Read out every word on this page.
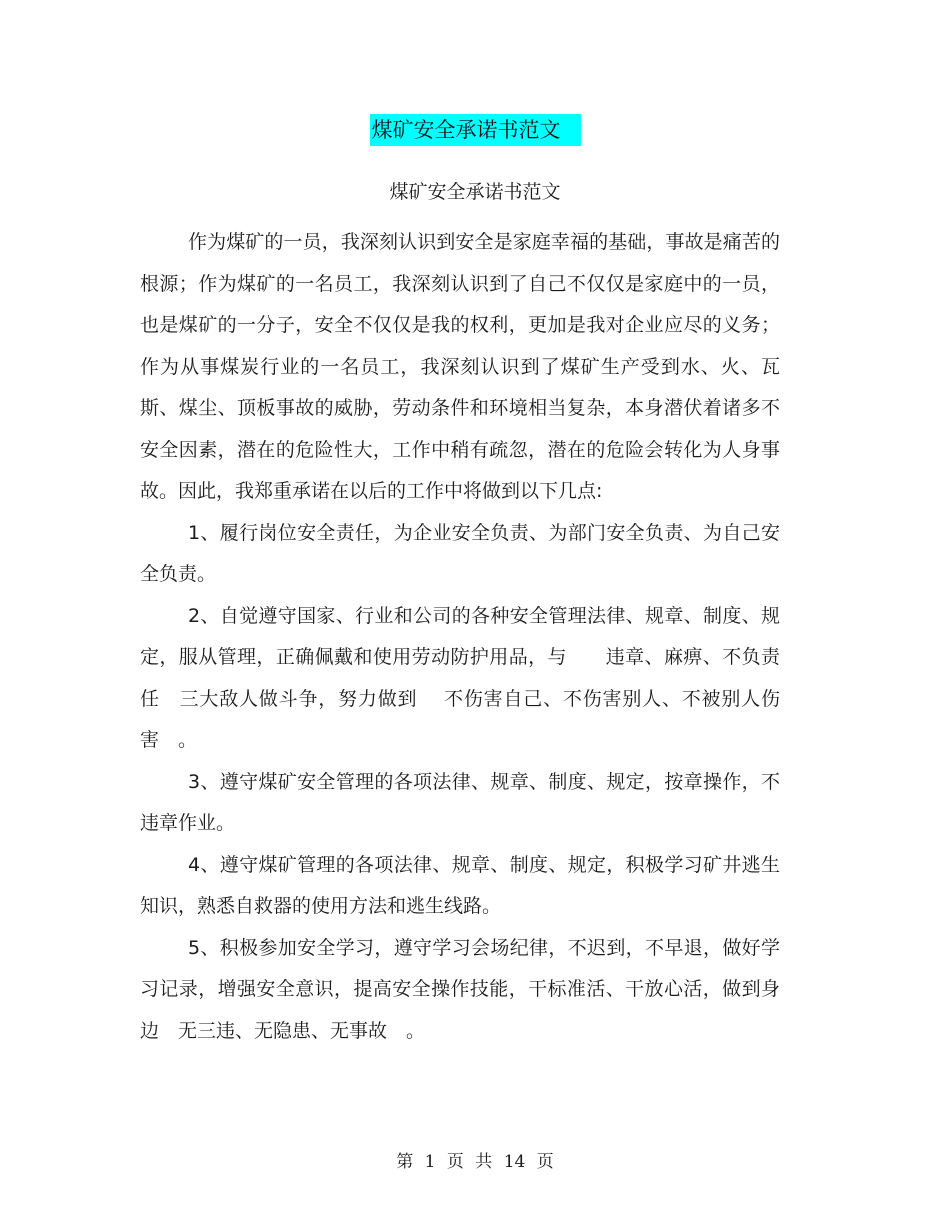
煤矿安全承诺书范文
煤矿安全承诺书范文

作为煤矿的一员，我深刻认识到安全是家庭幸福的基础，事故是痛苦的根源；作为煤矿的一名员工，我深刻认识到了自己不仅仅是家庭中的一员，也是煤矿的一分子，安全不仅仅是我的权利，更加是我对企业应尽的义务；作为从事煤炭行业的一名员工，我深刻认识到了煤矿生产受到水、火、瓦斯、煤尘、顶板事故的威胁，劳动条件和环境相当复杂，本身潜伏着诸多不安全因素，潜在的危险性大，工作中稍有疏忽，潜在的危险会转化为人身事故。因此，我郑重承诺在以后的工作中将做到以下几点:

1、履行岗位安全责任，为企业安全负责、为部门安全负责、为自己安全负责。

2、自觉遵守国家、行业和公司的各种安全管理法律、规章、制度、规定，服从管理，正确佩戴和使用劳动防护用品，与　　违章、麻痹、不负责任　三大敌人做斗争，努力做到　 不伤害自己、不伤害别人、不被别人伤害　。

3、遵守煤矿安全管理的各项法律、规章、制度、规定，按章操作，不违章作业。

4、遵守煤矿管理的各项法律、规章、制度、规定，积极学习矿井逃生知识，熟悉自救器的使用方法和逃生线路。

5、积极参加安全学习，遵守学习会场纪律，不迟到，不早退，做好学习记录，增强安全意识，提高安全操作技能，干标准活、干放心活，做到身边　无三违、无隐患、无事故　。

第 1 页 共 14 页
